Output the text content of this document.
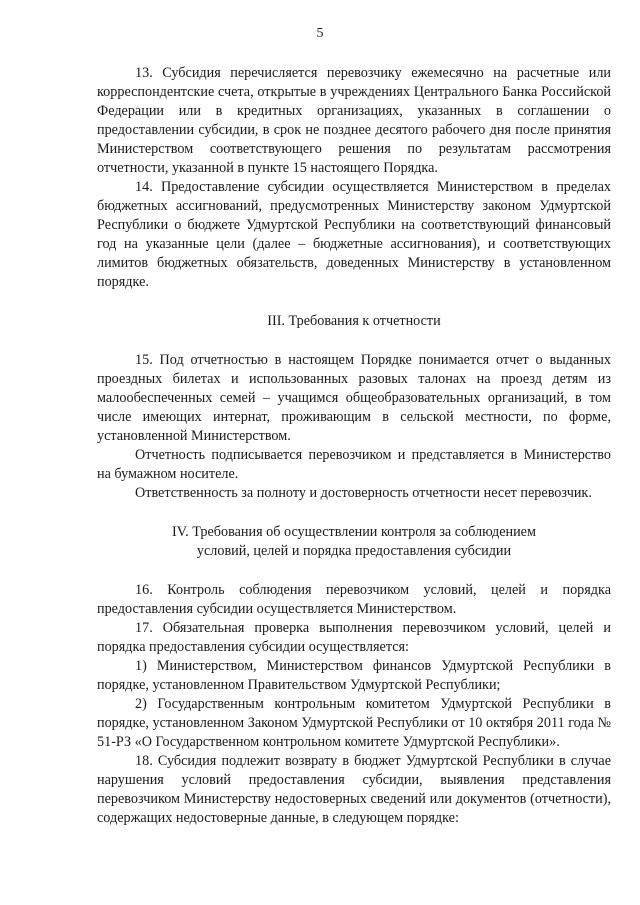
5

13. Субсидия перечисляется перевозчику ежемесячно на расчетные или корреспондентские счета, открытые в учреждениях Центрального Банка Российской Федерации или в кредитных организациях, указанных в соглашении о предоставлении субсидии, в срок не позднее десятого рабочего дня после принятия Министерством соответствующего решения по результатам рассмотрения отчетности, указанной в пункте 15 настоящего Порядка.

14. Предоставление субсидии осуществляется Министерством в пределах бюджетных ассигнований, предусмотренных Министерству законом Удмуртской Республики о бюджете Удмуртской Республики на соответствующий финансовый год на указанные цели (далее – бюджетные ассигнования), и соответствующих лимитов бюджетных обязательств, доведенных Министерству в установленном порядке.

III. Требования к отчетности

15. Под отчетностью в настоящем Порядке понимается отчет о выданных проездных билетах и использованных разовых талонах на проезд детям из малообеспеченных семей – учащимся общеобразовательных организаций, в том числе имеющих интернат, проживающим в сельской местности, по форме, установленной Министерством.

Отчетность подписывается перевозчиком и представляется в Министерство на бумажном носителе.

Ответственность за полноту и достоверность отчетности несет перевозчик.

IV. Требования об осуществлении контроля за соблюдением

условий, целей и порядка предоставления субсидии

16. Контроль соблюдения перевозчиком условий, целей и порядка предоставления субсидии осуществляется Министерством.

17. Обязательная проверка выполнения перевозчиком условий, целей и порядка предоставления субсидии осуществляется:

1) Министерством, Министерством финансов Удмуртской Республики в порядке, установленном Правительством Удмуртской Республики;

2) Государственным контрольным комитетом Удмуртской Республики в порядке, установленном Законом Удмуртской Республики от 10 октября 2011 года № 51-РЗ «О Государственном контрольном комитете Удмуртской Республики».

18. Субсидия подлежит возврату в бюджет Удмуртской Республики в случае нарушения условий предоставления субсидии, выявления представления перевозчиком Министерству недостоверных сведений или документов (отчетности), содержащих недостоверные данные, в следующем порядке:
